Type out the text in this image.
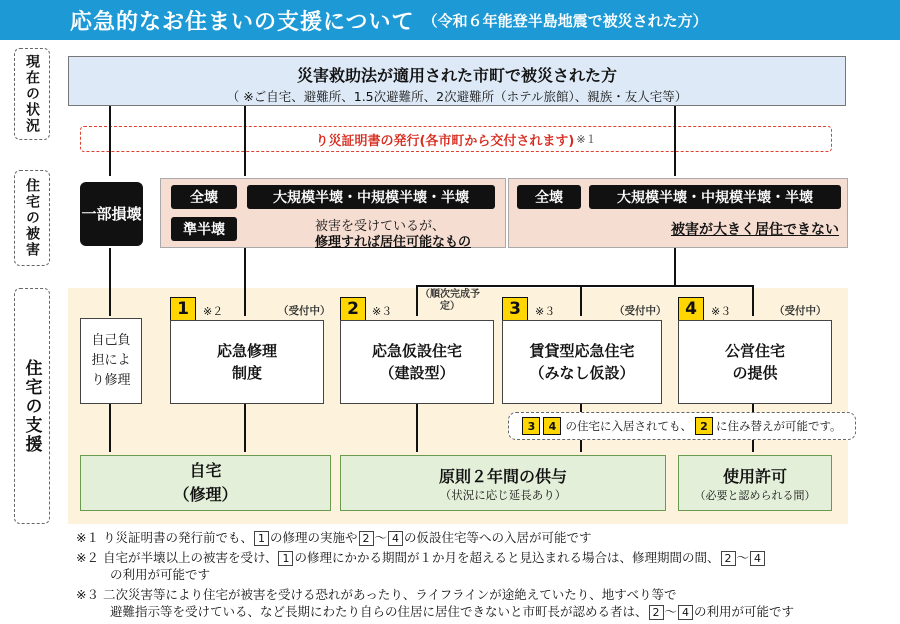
応急的なお住まいの支援について （令和６年能登半島地震で被災された方）
現在の状況
住宅の被害
住宅の支援
災害救助法が適用された市町で被災された方
（ ※ご自宅、避難所、1.5次避難所、2次避難所（ホテル旅館）、親族・友人宅等）
り災証明書の発行(各市町から交付されます) ※１
一部損壊
全壊	大規模半壊・中規模半壊・半壊
準半壊	被害を受けているが、
修理すれば居住可能なもの
全壊	大規模半壊・中規模半壊・半壊
被害が大きく居住できない
自己負担により修理
1	※２	（受付中）
応急修理
制度
2	※３
（順次完成予定）
応急仮設住宅
（建設型）
3	※３	（受付中）
賃貸型応急住宅
（みなし仮設）
4	※３	（受付中）
公営住宅
の提供
3	4 の住宅に入居されても、 2 に住み替えが可能です。
自宅
（修理）
原則２年間の供与
（状況に応じ延長あり）
使用許可
（必要と認められる間）
※１ り災証明書の発行前でも、 1 の修理の実施や 2 ～ 4 の仮設住宅等への入居が可能です
※２ 自宅が半壊以上の被害を受け、 1 の修理にかかる期間が１か月を超えると見込まれる場合は、修理期間の間、 2 ～ 4
の利用が可能です
※３ 二次災害等により住宅が被害を受ける恐れがあったり、ライフラインが途絶えていたり、地すべり等で
避難指示等を受けている、など長期にわたり自らの住居に居住できないと市町長が認める者は、 2 ～ 4 の利用が可能です
